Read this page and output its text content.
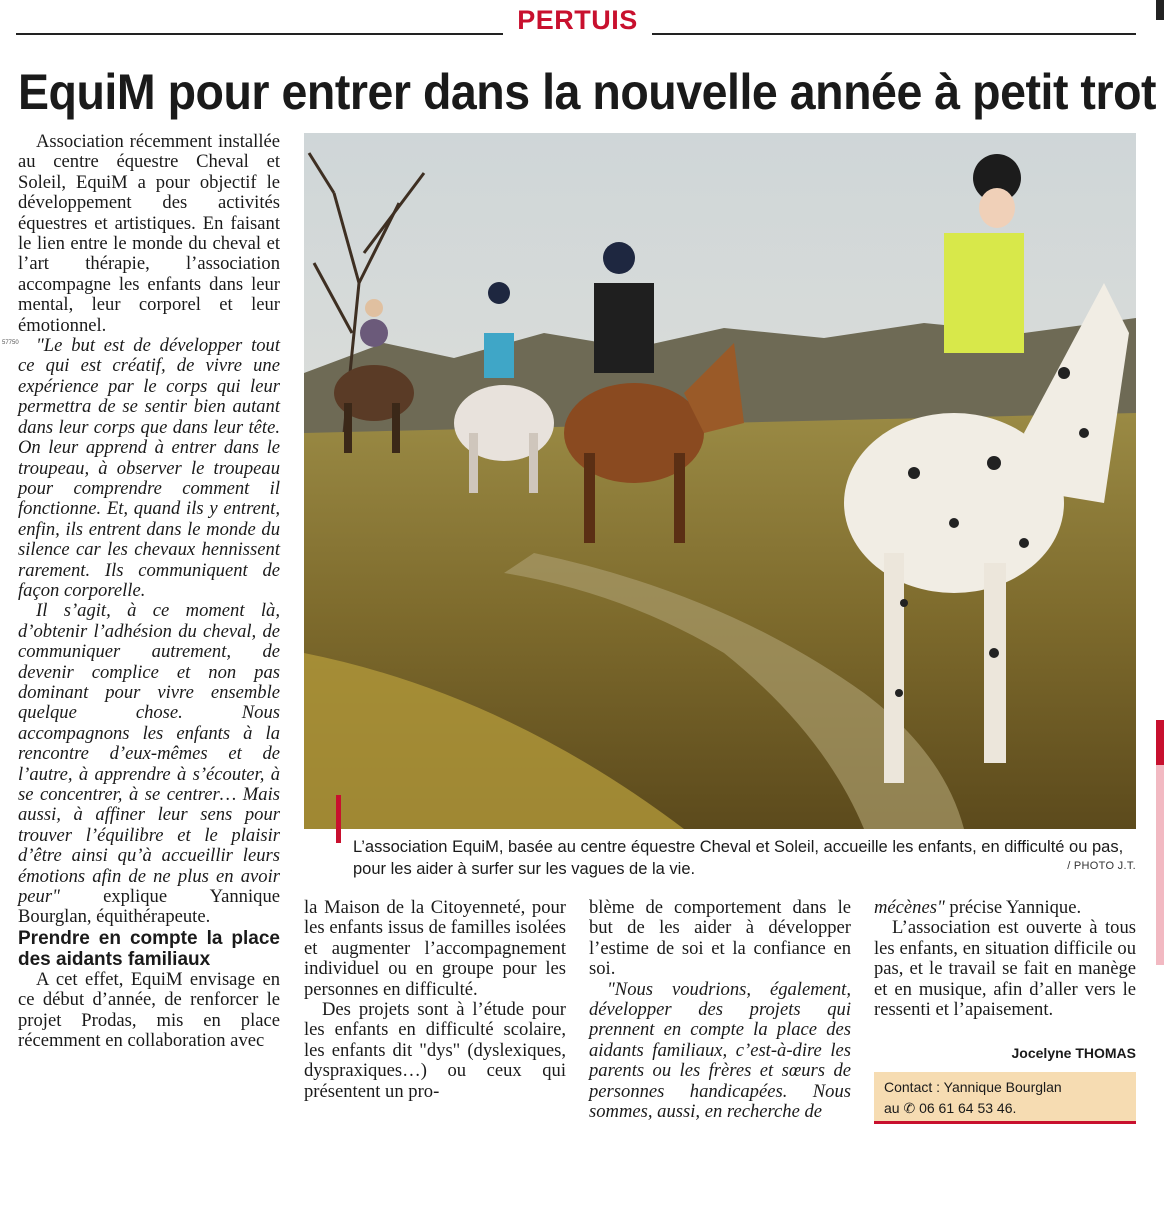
PERTUIS
EquiM pour entrer dans la nouvelle année à petit trot
57750

Association récemment installée au centre équestre Cheval et Soleil, EquiM a pour objectif le développement des activités équestres et artistiques. En faisant le lien entre le monde du cheval et l’art thérapie, l’association accompagne les enfants dans leur mental, leur corporel et leur émotionnel.

"Le but est de développer tout ce qui est créatif, de vivre une expérience par le corps qui leur permettra de se sentir bien autant dans leur corps que dans leur tête. On leur apprend à entrer dans le troupeau, à observer le troupeau pour comprendre comment il fonctionne. Et, quand ils y entrent, enfin, ils entrent dans le monde du silence car les chevaux hennissent rarement. Ils communiquent de façon corporelle.

Il s’agit, à ce moment là, d’obtenir l’adhésion du cheval, de communiquer autrement, de devenir complice et non pas dominant pour vivre ensemble quelque chose. Nous accompagnons les enfants à la rencontre d’eux-mêmes et de l’autre, à apprendre à s’écouter, à se concentrer, à se centrer… Mais aussi, à affiner leur sens pour trouver l’équilibre et le plaisir d’être ainsi qu’à accueillir leurs émotions afin de ne plus en avoir peur" explique Yannique Bourglan, équithérapeute.

Prendre en compte la place des aidants familiaux

A cet effet, EquiM envisage en ce début d’année, de renforcer le projet Prodas, mis en place récemment en collaboration avec

L’association EquiM, basée au centre équestre Cheval et Soleil, accueille les enfants, en difficulté ou pas, pour les aider à surfer sur les vagues de la vie.	/ PHOTO J.T.

la Maison de la Citoyenneté, pour les enfants issus de familles isolées et augmenter l’accompagnement individuel ou en groupe pour les personnes en difficulté.

Des projets sont à l’étude pour les enfants en difficulté scolaire, les enfants dit "dys" (dyslexiques, dyspraxiques…) ou ceux qui présentent un pro-

blème de comportement dans le but de les aider à développer l’estime de soi et la confiance en soi.

"Nous voudrions, également, développer des projets qui prennent en compte la place des aidants familiaux, c’est-à-dire les parents ou les frères et sœurs de personnes handicapées. Nous sommes, aussi, en recherche de

mécènes" précise Yannique.

L’association est ouverte à tous les enfants, en situation difficile ou pas, et le travail se fait en manège et en musique, afin d’aller vers le ressenti et l’apaisement.

Jocelyne THOMAS
Contact : Yannique Bourglan
au ✆ 06 61 64 53 46.
